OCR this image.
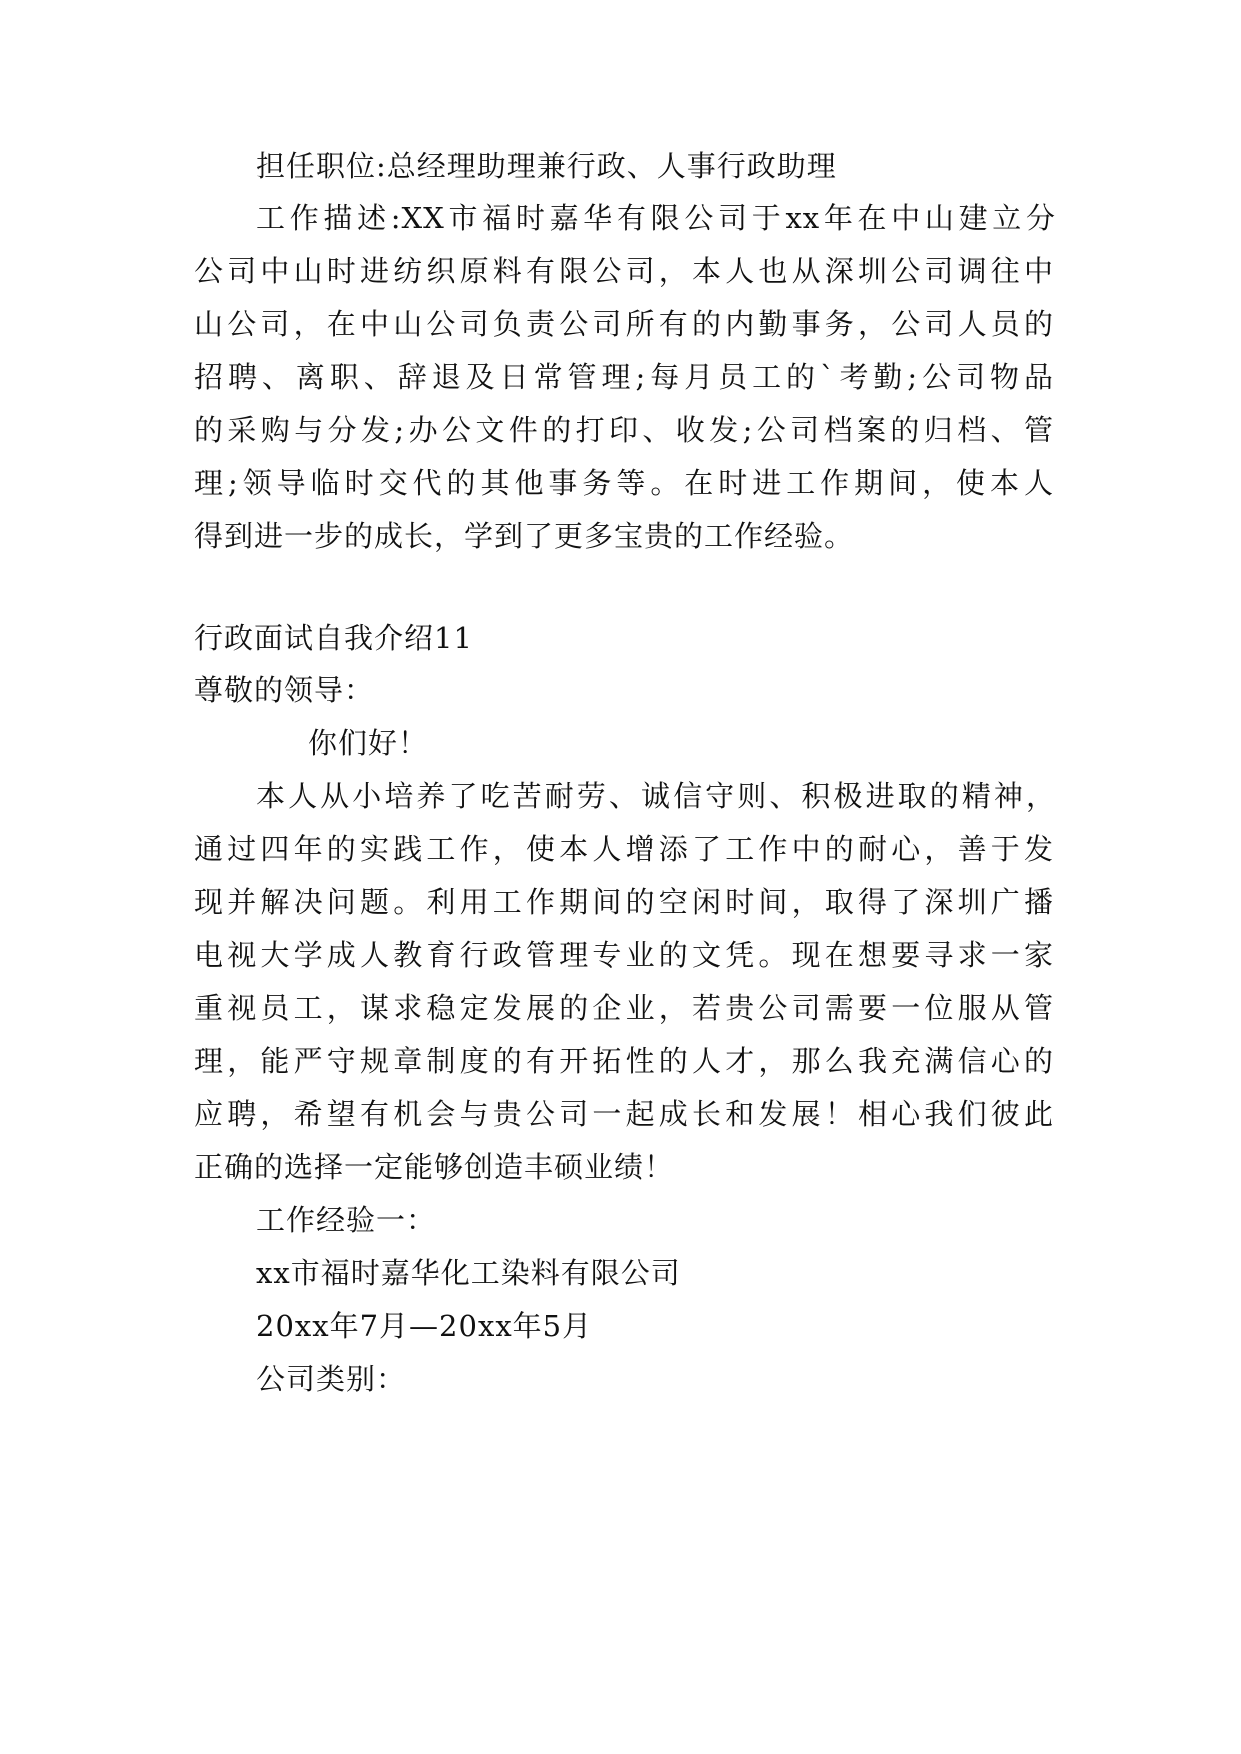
担任职位:总经理助理兼行政、人事行政助理
工作描述:XX市福时嘉华有限公司于xx年在中山建立分
公司中山时进纺织原料有限公司，本人也从深圳公司调往中
山公司，在中山公司负责公司所有的内勤事务，公司人员的
招聘、离职、辞退及日常管理;每月员工的`考勤;公司物品
的采购与分发;办公文件的打印、收发;公司档案的归档、管
理;领导临时交代的其他事务等。在时进工作期间，使本人
得到进一步的成长，学到了更多宝贵的工作经验。
行政面试自我介绍11
尊敬的领导：
你们好！
本人从小培养了吃苦耐劳、诚信守则、积极进取的精神，
通过四年的实践工作，使本人增添了工作中的耐心，善于发
现并解决问题。利用工作期间的空闲时间，取得了深圳广播
电视大学成人教育行政管理专业的文凭。现在想要寻求一家
重视员工，谋求稳定发展的企业，若贵公司需要一位服从管
理，能严守规章制度的有开拓性的人才，那么我充满信心的
应聘，希望有机会与贵公司一起成长和发展！相心我们彼此
正确的选择一定能够创造丰硕业绩！
工作经验一：
xx市福时嘉华化工染料有限公司
20xx年7月—20xx年5月
公司类别：
